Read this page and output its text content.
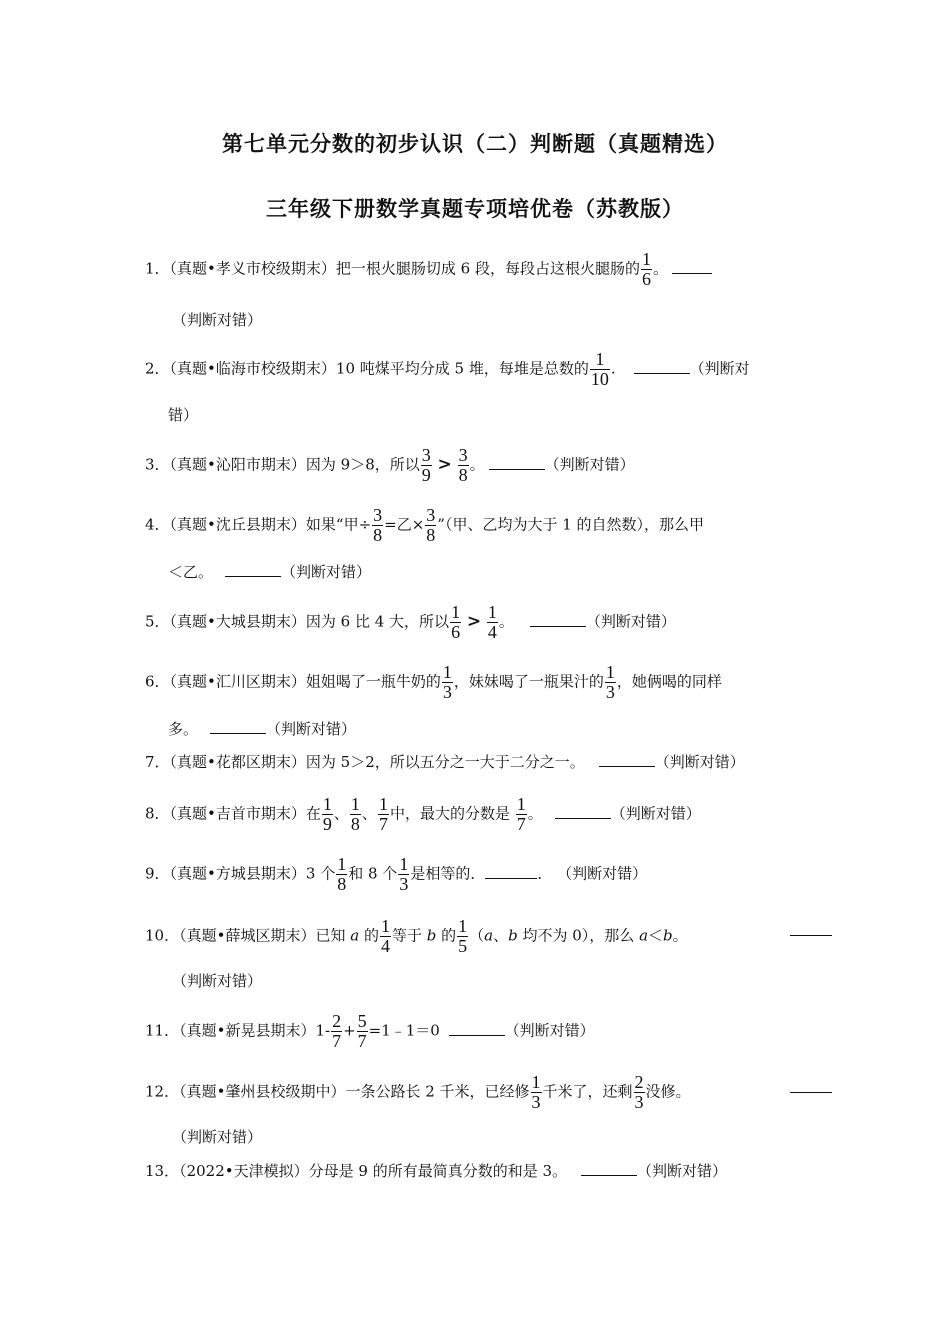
第七单元分数的初步认识（二）判断题（真题精选）
三年级下册数学真题专项培优卷（苏教版）
1．（真题•孝义市校级期末）把一根火腿肠切成 6 段，每段占这根火腿肠的 $\frac{1}{6}$ 。
（判断对错）
2．（真题•临海市校级期末）10 吨煤平均分成 5 堆，每堆是总数的 $\frac{1}{10}$ .	（判断对
错）
3．（真题•沁阳市期末）因为 9＞8，所以 $\frac{3}{9} > \frac{3}{8}$ 。	（判断对错）
4．（真题•沈丘县期末）如果“甲÷ $\frac{3}{8}$ =乙× $\frac{3}{8}$ ”（甲、乙均为大于 1 的自然数），那么甲
＜乙。	（判断对错）
5．（真题•大城县期末）因为 6 比 4 大，所以 $\frac{1}{6} > \frac{1}{4}$ 。	（判断对错）
6．（真题•汇川区期末）姐姐喝了一瓶牛奶的 $\frac{1}{3}$ ，妹妹喝了一瓶果汁的 $\frac{1}{3}$ ，她俩喝的同样
多。	（判断对错）
7．（真题•花都区期末）因为 5＞2，所以五分之一大于二分之一。	（判断对错）
8．（真题•吉首市期末）在 $\frac{1}{9}$ 、 $\frac{1}{8}$ 、 $\frac{1}{7}$ 中，最大的分数是 $\frac{1}{7}$ 。	（判断对错）
9．（真题•方城县期末）3 个 $\frac{1}{8}$ 和 8 个 $\frac{1}{3}$ 是相等的．	． （判断对错）
10．（真题•薛城区期末）已知 a 的 $\frac{1}{4}$ 等于 b 的 $\frac{1}{5} (a$、b 均不为 0），那么 a＜b。
（判断对错）
11．（真题•新晃县期末）$1- \frac{2}{7} + \frac{5}{7}$ =1﹣1＝0	（判断对错）
12．（真题•肇州县校级期中）一条公路长 2 千米，已经修 $\frac{1}{3}$ 千米了，还剩 $\frac{2}{3}$ 没修。
（判断对错）
13．（2022•天津模拟）分母是 9 的所有最简真分数的和是 3。	（判断对错）
